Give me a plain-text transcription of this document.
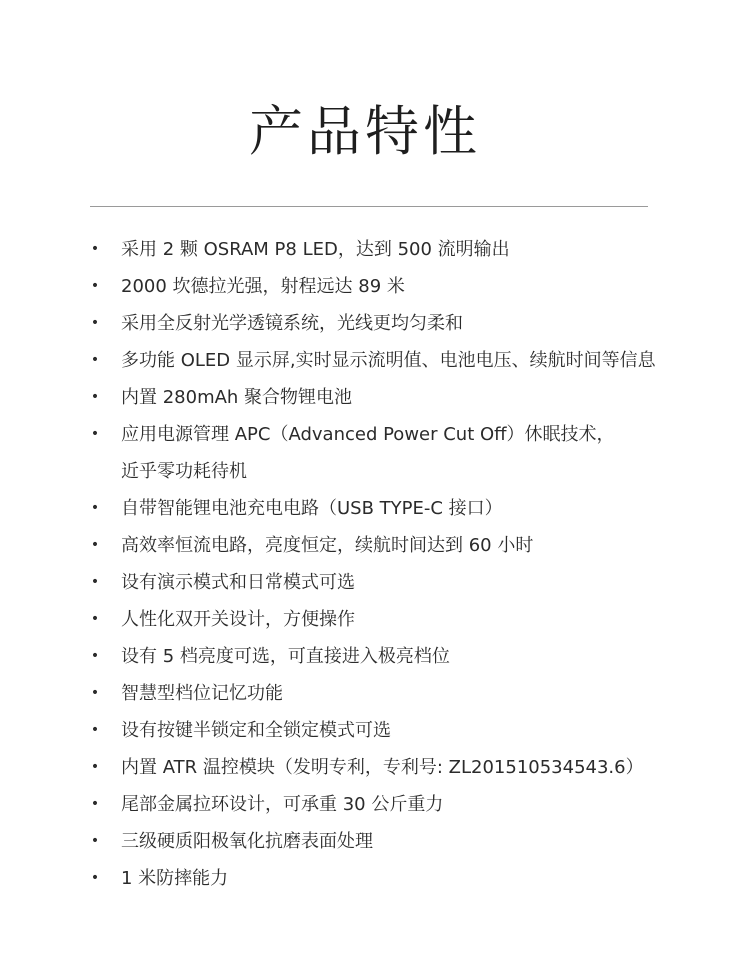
产品特性
• 采用 2 颗 OSRAM P8 LED，达到 500 流明输出
• 2000 坎德拉光强，射程远达 89 米
• 采用全反射光学透镜系统，光线更均匀柔和
• 多功能 OLED 显示屏,实时显示流明值、电池电压、续航时间等信息
• 内置 280mAh 聚合物锂电池
• 应用电源管理 APC（Advanced Power Cut Off）休眠技术，
近乎零功耗待机
• 自带智能锂电池充电电路（USB TYPE-C 接口）
• 高效率恒流电路，亮度恒定，续航时间达到 60 小时
• 设有演示模式和日常模式可选
• 人性化双开关设计，方便操作
• 设有 5 档亮度可选，可直接进入极亮档位
• 智慧型档位记忆功能
• 设有按键半锁定和全锁定模式可选
• 内置 ATR 温控模块（发明专利，专利号: ZL201510534543.6）
• 尾部金属拉环设计，可承重 30 公斤重力
• 三级硬质阳极氧化抗磨表面处理
• 1 米防摔能力
